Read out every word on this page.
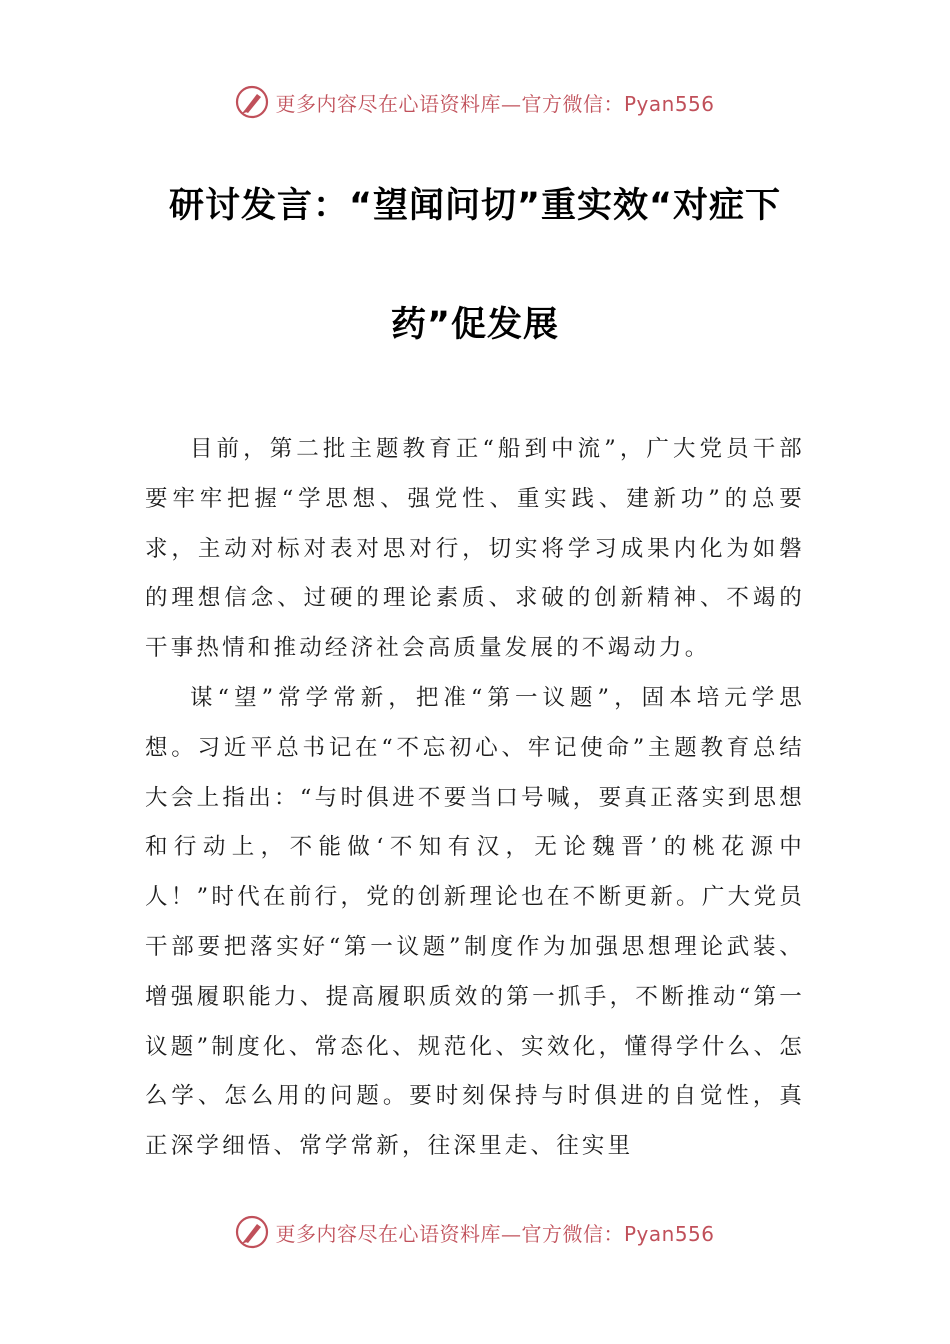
更多内容尽在心语资料库—官方微信：Pyan556
研讨发言：“望闻问切”重实效“对症下
药”促发展

目前，第二批主题教育正“船到中流”，广大党员干部要牢牢把握“学思想、强党性、重实践、建新功”的总要求，主动对标对表对思对行，切实将学习成果内化为如磐的理想信念、过硬的理论素质、求破的创新精神、不竭的干事热情和推动经济社会高质量发展的不竭动力。

谋“望”常学常新，把准“第一议题”，固本培元学思想。习近平总书记在“不忘初心、牢记使命”主题教育总结大会上指出：“与时俱进不要当口号喊，要真正落实到思想和行动上，不能做‘不知有汉，无论魏晋’的桃花源中人！”时代在前行，党的创新理论也在不断更新。广大党员干部要把落实好“第一议题”制度作为加强思想理论武装、增强履职能力、提高履职质效的第一抓手，不断推动“第一议题”制度化、常态化、规范化、实效化，懂得学什么、怎么学、怎么用的问题。要时刻保持与时俱进的自觉性，真正深学细悟、常学常新，往深里走、往实里

更多内容尽在心语资料库—官方微信：Pyan556
